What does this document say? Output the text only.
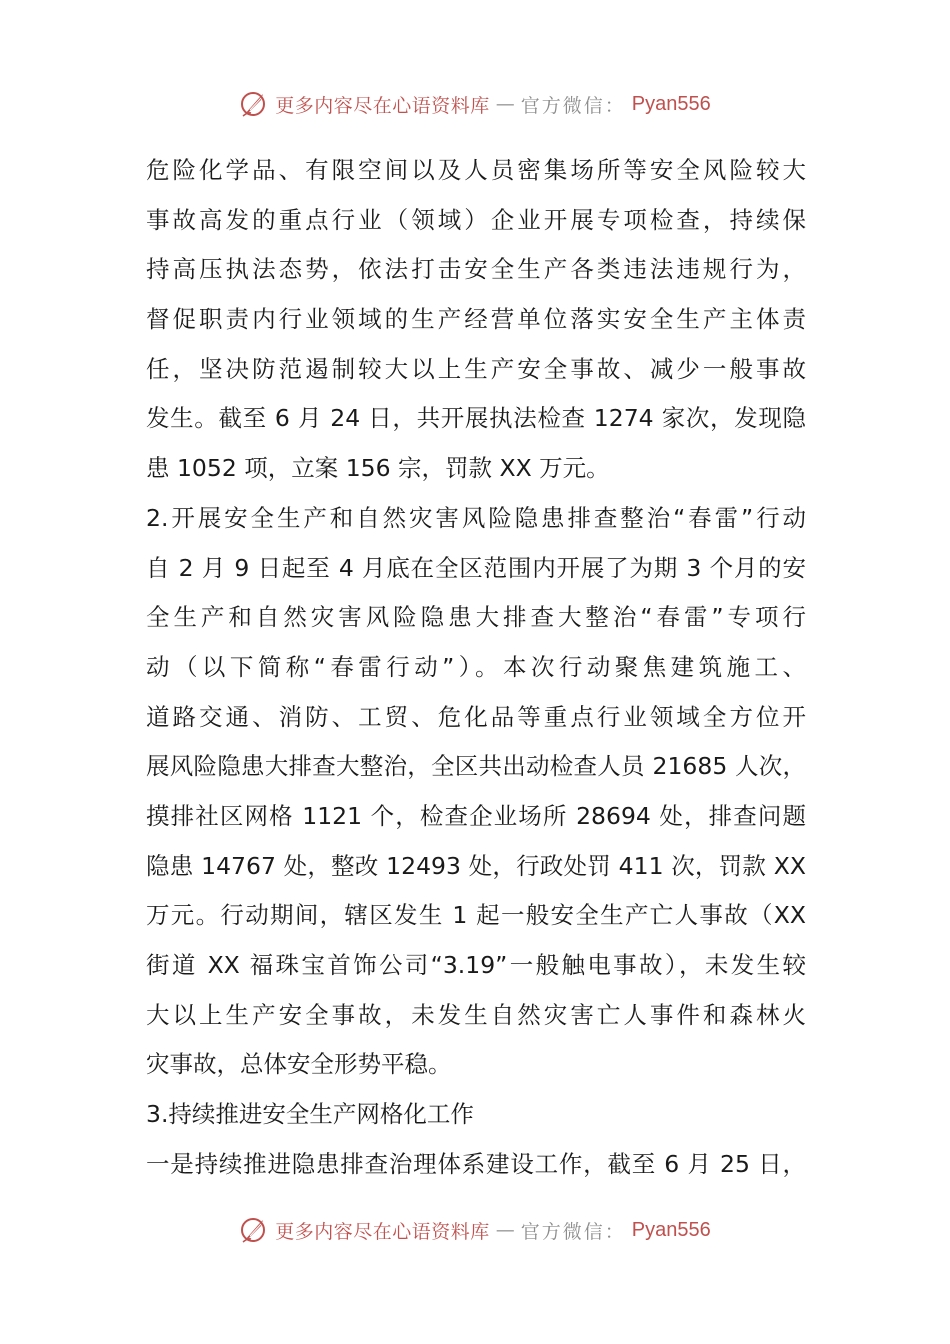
更多内容尽在心语资料库 — 官方微信： Pyan556
危险化学品、有限空间以及人员密集场所等安全风险较大
事故高发的重点行业（领域）企业开展专项检查，持续保
持高压执法态势，依法打击安全生产各类违法违规行为，
督促职责内行业领域的生产经营单位落实安全生产主体责
任，坚决防范遏制较大以上生产安全事故、减少一般事故
发生。截至 6 月 24 日，共开展执法检查 1274 家次，发现隐
患 1052 项，立案 156 宗，罚款 XX 万元。
2.开展安全生产和自然灾害风险隐患排查整治“春雷”行动
自 2 月 9 日起至 4 月底在全区范围内开展了为期 3 个月的安
全生产和自然灾害风险隐患大排查大整治“春雷”专项行
动（以下简称“春雷行动”）。本次行动聚焦建筑施工、
道路交通、消防、工贸、危化品等重点行业领域全方位开
展风险隐患大排查大整治，全区共出动检查人员 21685 人次，
摸排社区网格 1121 个，检查企业场所 28694 处，排查问题
隐患 14767 处，整改 12493 处，行政处罚 411 次，罚款 XX
万元。行动期间，辖区发生 1 起一般安全生产亡人事故（XX
街道 XX 福珠宝首饰公司“3.19”一般触电事故），未发生较
大以上生产安全事故，未发生自然灾害亡人事件和森林火
灾事故，总体安全形势平稳。
3.持续推进安全生产网格化工作
一是持续推进隐患排查治理体系建设工作，截至 6 月 25 日，
更多内容尽在心语资料库 — 官方微信： Pyan556
